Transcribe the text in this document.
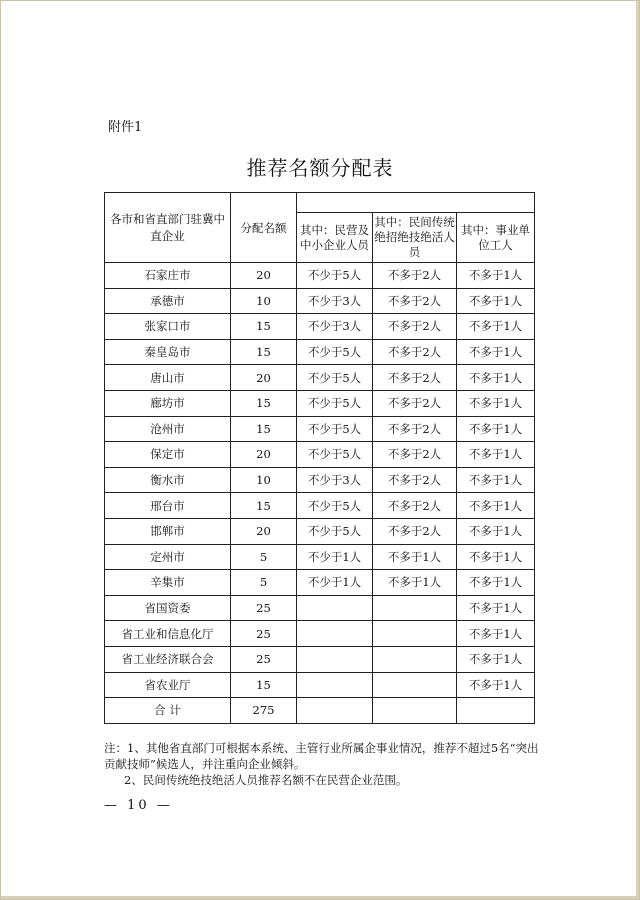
附件1
推荐名额分配表
各市和省直部门驻冀中直企业	分配名额			
		其中：民营及中小企业人员	其中：民间传统绝招绝技绝活人员	其中：事业单位工人
石家庄市	20	不少于5人	不多于2人	不多于1人
承德市	10	不少于3人	不多于2人	不多于1人
张家口市	15	不少于3人	不多于2人	不多于1人
秦皇岛市	15	不少于5人	不多于2人	不多于1人
唐山市	20	不少于5人	不多于2人	不多于1人
廊坊市	15	不少于5人	不多于2人	不多于1人
沧州市	15	不少于5人	不多于2人	不多于1人
保定市	20	不少于5人	不多于2人	不多于1人
衡水市	10	不少于3人	不多于2人	不多于1人
邢台市	15	不少于5人	不多于2人	不多于1人
邯郸市	20	不少于5人	不多于2人	不多于1人
定州市	5	不少于1人	不多于1人	不多于1人
辛集市	5	不少于1人	不多于1人	不多于1人
省国资委	25			不多于1人
省工业和信息化厅	25			不多于1人
省工业经济联合会	25			不多于1人
省农业厅	15			不多于1人
合 计	275			

注：1、其他省直部门可根据本系统、主管行业所属企事业情况，推荐不超过5名“突出贡献技师”候选人，并注重向企业倾斜。

2、民间传统绝技绝活人员推荐名额不在民营企业范围。

— 10 —
